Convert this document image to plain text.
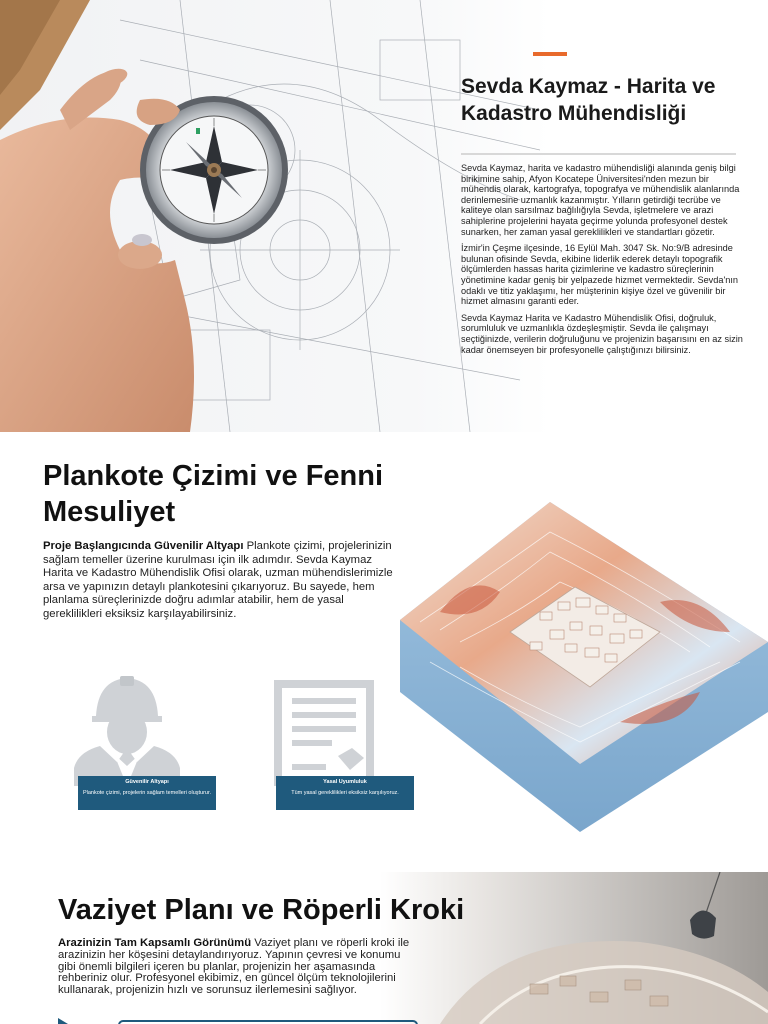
Sevda Kaymaz - Harita ve Kadastro Mühendisliği

Sevda Kaymaz, harita ve kadastro mühendisliği alanında geniş bilgi birikimine sahip, Afyon Kocatepe Üniversitesi'nden mezun bir mühendis olarak, kartografya, topografya ve mühendislik alanlarında derinlemesine uzmanlık kazanmıştır. Yılların getirdiği tecrübe ve kaliteye olan sarsılmaz bağlılığıyla Sevda, işletmelere ve arazi sahiplerine projelerini hayata geçirme yolunda profesyonel destek sunarken, her zaman yasal gereklilikleri ve standartları gözetir.

İzmir'in Çeşme ilçesinde, 16 Eylül Mah. 3047 Sk. No:9/B adresinde bulunan ofisinde Sevda, ekibine liderlik ederek detaylı topografik ölçümlerden hassas harita çizimlerine ve kadastro süreçlerinin yönetimine kadar geniş bir yelpazede hizmet vermektedir. Sevda'nın odaklı ve titiz yaklaşımı, her müşterinin kişiye özel ve güvenilir bir hizmet almasını garanti eder.

Sevda Kaymaz Harita ve Kadastro Mühendislik Ofisi, doğruluk, sorumluluk ve uzmanlıkla özdeşleşmiştir. Sevda ile çalışmayı seçtiğinizde, verilerin doğruluğunu ve projenizin başarısını en az sizin kadar önemseyen bir profesyonelle çalıştığınızı bilirsiniz.

Plankote Çizimi ve Fenni Mesuliyet
Proje Başlangıcında Güvenilir Altyapı Plankote çizimi, projelerinizin sağlam temeller üzerine kurulması için ilk adımdır. Sevda Kaymaz Harita ve Kadastro Mühendislik Ofisi olarak, uzman mühendislerimizle arsa ve yapınızın detaylı plankotesini çıkarıyoruz. Bu sayede, hem planlama süreçlerinizde doğru adımlar atabilir, hem de yasal gereklilikleri eksiksiz karşılayabilirsiniz.
Güvenilir Altyapı
Plankote çizimi, projelerin sağlam temelleri oluşturur.
Yasal Uyumluluk
Tüm yasal gereklilikleri eksiksiz karşılıyoruz.
Vaziyet Planı ve Röperli Kroki
Arazinizin Tam Kapsamlı Görünümü Vaziyet planı ve röperli kroki ile arazinizin her köşesini detaylandırıyoruz. Yapının çevresi ve konumu gibi önemli bilgileri içeren bu planlar, projenizin her aşamasında rehberiniz olur. Profesyonel ekibimiz, en güncel ölçüm teknolojilerini kullanarak, projenizin hızlı ve sorunsuz ilerlemesini sağlıyor.
